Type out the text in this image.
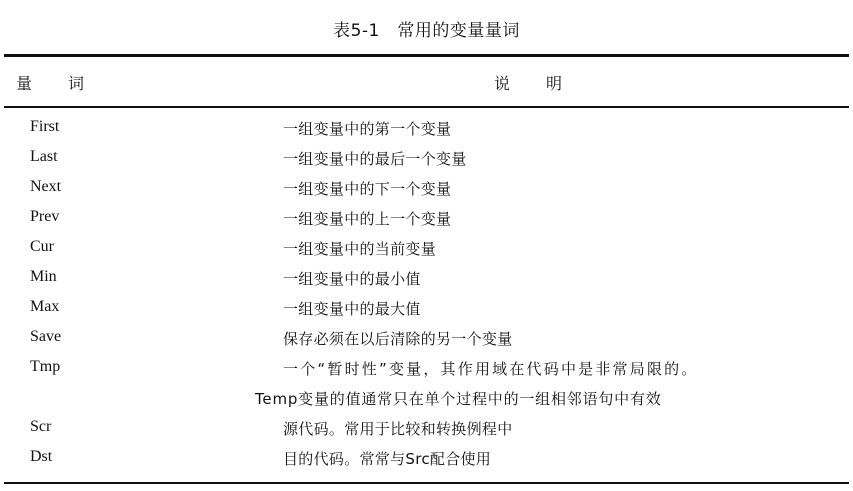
表5-1　常用的变量量词
量 词	说 明
First	一组变量中的第一个变量
Last	一组变量中的最后一个变量
Next	一组变量中的下一个变量
Prev	一组变量中的上一个变量
Cur	一组变量中的当前变量
Min	一组变量中的最小值
Max	一组变量中的最大值
Save	保存必须在以后清除的另一个变量
Tmp	一个“暂时性”变量，其作用域在代码中是非常局限的。
Temp变量的值通常只在单个过程中的一组相邻语句中有效
Scr	源代码。常用于比较和转换例程中
Dst	目的代码。常常与Src配合使用
